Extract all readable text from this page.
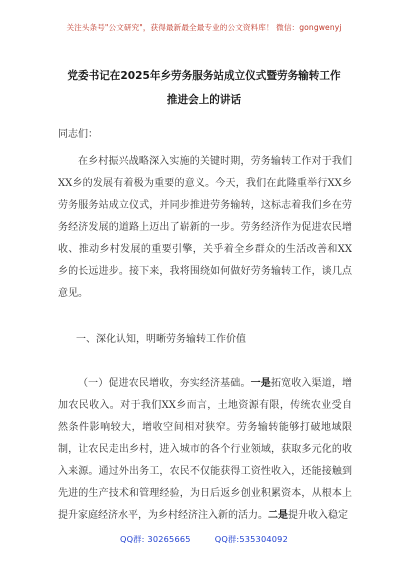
关注头条号"公文研究"，获得最新最全最专业的公文资料库！ 微信：gongwenyj
党委书记在2025年乡劳务服务站成立仪式暨劳务输转工作
推进会上的讲话
同志们：
在乡村振兴战略深入实施的关键时期，劳务输转工作对于我们XX乡的发展有着极为重要的意义。今天，我们在此隆重举行XX乡劳务服务站成立仪式，并同步推进劳务输转，这标志着我们乡在劳务经济发展的道路上迈出了崭新的一步。劳务经济作为促进农民增收、推动乡村发展的重要引擎，关乎着全乡群众的生活改善和XX乡的长远进步。接下来，我将围绕如何做好劳务输转工作，谈几点意见。
一、深化认知，明晰劳务输转工作价值
（一）促进农民增收，夯实经济基础。一是拓宽收入渠道，增加农民收入。对于我们XX乡而言，土地资源有限，传统农业受自然条件影响较大，增收空间相对狭窄。劳务输转能够打破地域限制，让农民走出乡村，进入城市的各个行业领域，获取多元化的收入来源。通过外出务工，农民不仅能获得工资性收入，还能接触到先进的生产技术和管理经验，为日后返乡创业积累资本，从根本上提升家庭经济水平，为乡村经济注入新的活力。二是提升收入稳定
QQ群: 30265665	QQ群:535304092
